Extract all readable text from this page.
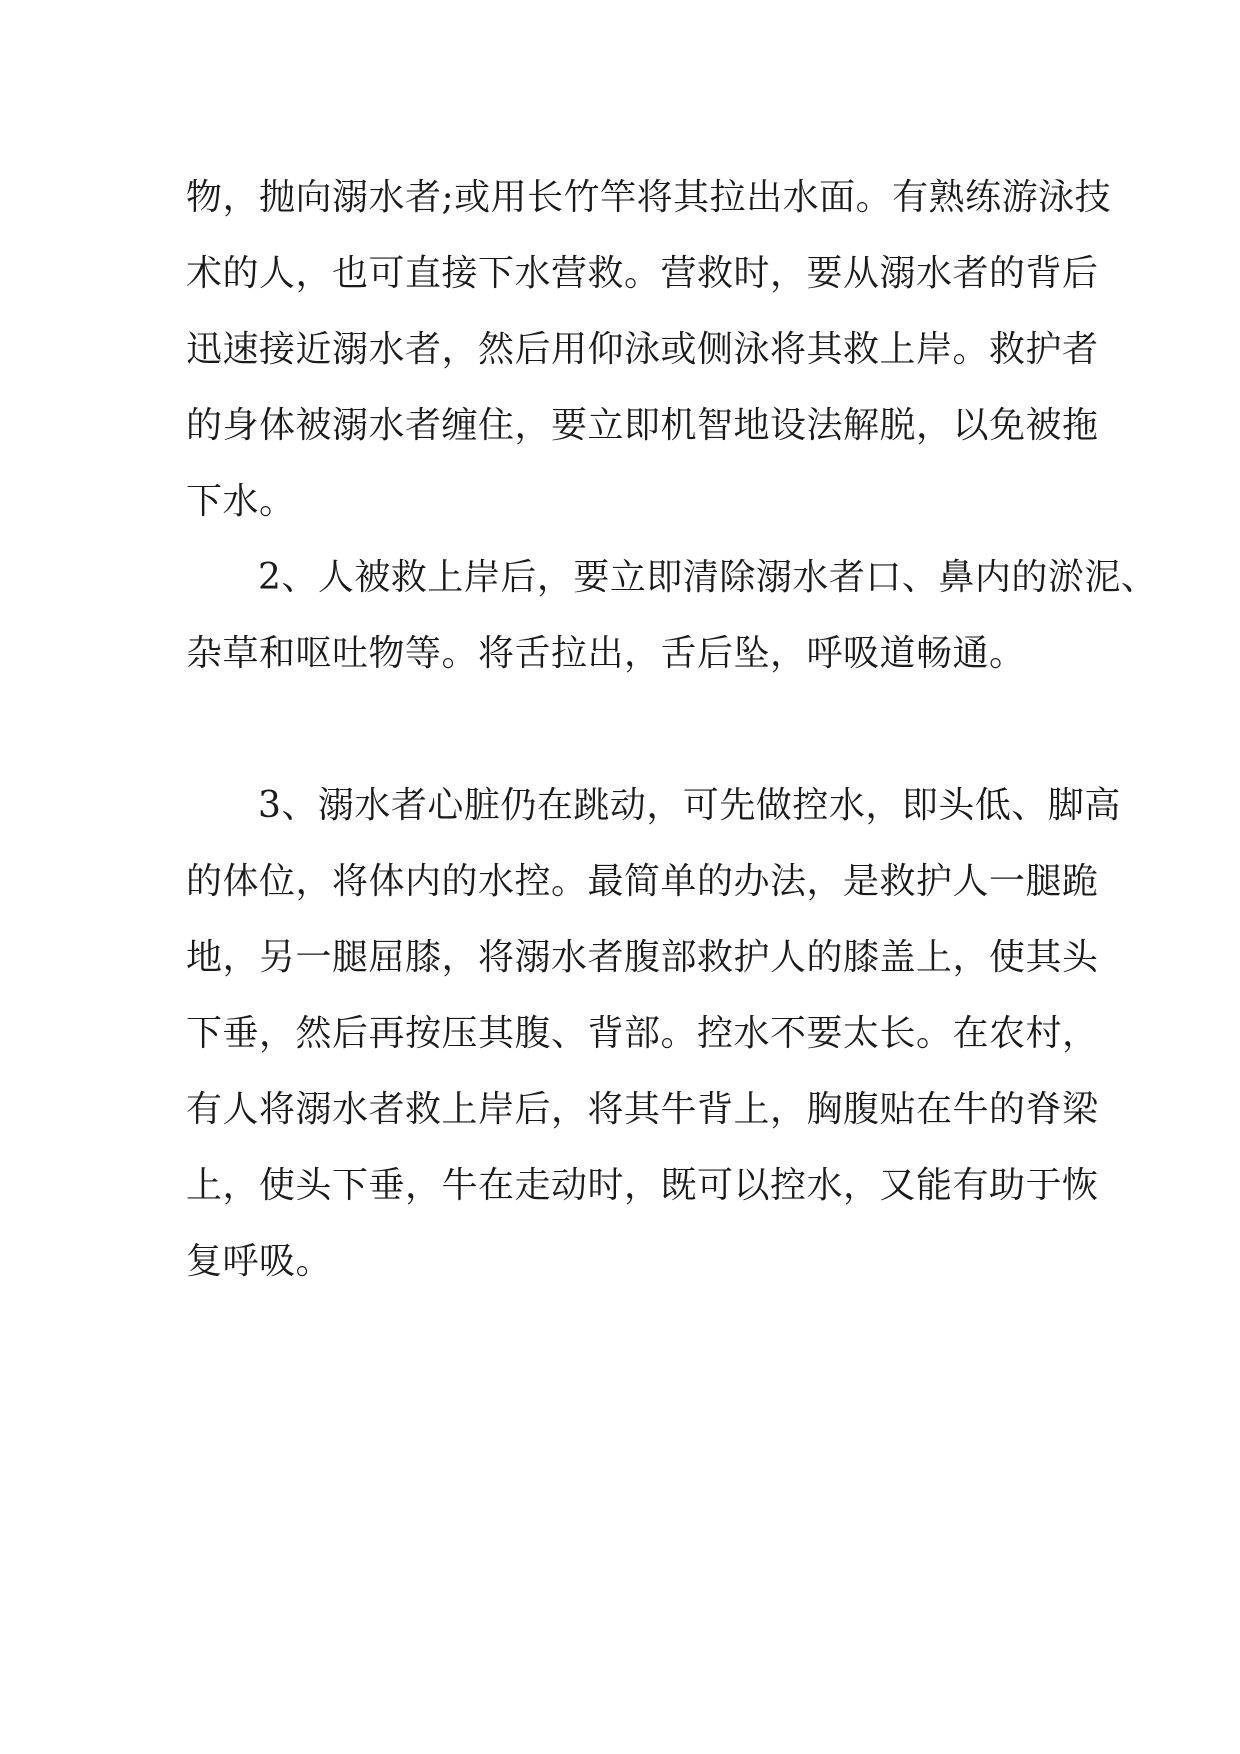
物，抛向溺水者;或用长竹竿将其拉出水面。有熟练游泳技
术的人，也可直接下水营救。营救时，要从溺水者的背后
迅速接近溺水者，然后用仰泳或侧泳将其救上岸。救护者
的身体被溺水者缠住，要立即机智地设法解脱，以免被拖
下水。
2、人被救上岸后，要立即清除溺水者口、鼻内的淤泥、
杂草和呕吐物等。将舌拉出，舌后坠，呼吸道畅通。
3、溺水者心脏仍在跳动，可先做控水，即头低、脚高
的体位，将体内的水控。最简单的办法，是救护人一腿跪
地，另一腿屈膝，将溺水者腹部救护人的膝盖上，使其头
下垂，然后再按压其腹、背部。控水不要太长。在农村，
有人将溺水者救上岸后，将其牛背上，胸腹贴在牛的脊梁
上，使头下垂，牛在走动时，既可以控水，又能有助于恢
复呼吸。
